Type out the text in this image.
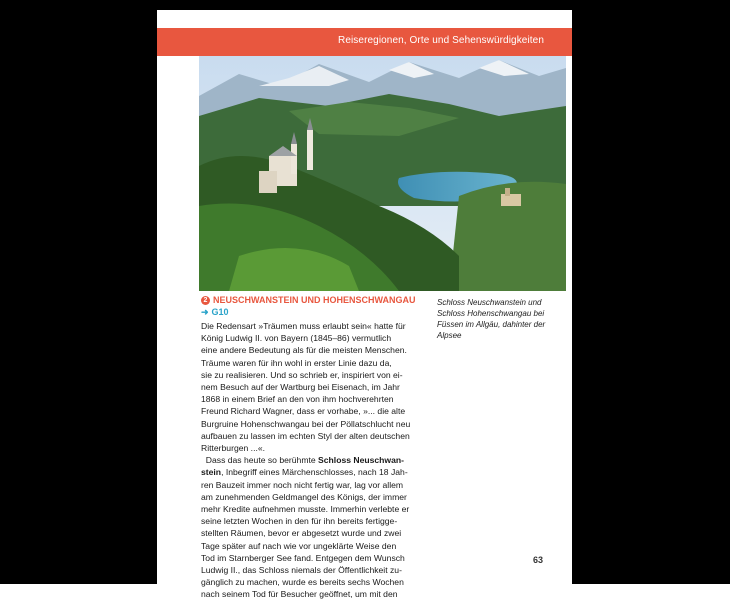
Reiseregionen, Orte und Sehenswürdigkeiten
Schloss Neuschwanstein und Schloss Hohenschwangau bei Füssen im Allgäu, dahinter der Alpsee
2 NEUSCHWANSTEIN UND HOHENSCHWANGAU
➜ G10

Die Redensart »Träumen muss erlaubt sein« hatte für
König Ludwig II. von Bayern (1845–86) vermutlich
eine andere Bedeutung als für die meisten Menschen.
Träume waren für ihn wohl in erster Linie dazu da,
sie zu realisieren. Und so schrieb er, inspiriert von ei-
nem Besuch auf der Wartburg bei Eisenach, im Jahr
1868 in einem Brief an den von ihm hochverehrten
Freund Richard Wagner, dass er vorhabe, »... die alte
Burgruine Hohenschwangau bei der Pöllatschlucht neu
aufbauen zu lassen im echten Styl der alten deutschen
Ritterburgen ...«.

Dass das heute so berühmte Schloss Neuschwan-
stein, Inbegriff eines Märchenschlosses, nach 18 Jah-
ren Bauzeit immer noch nicht fertig war, lag vor allem
am zunehmenden Geldmangel des Königs, der immer
mehr Kredite aufnehmen musste. Immerhin verlebte er
seine letzten Wochen in den für ihn bereits fertigge-
stellten Räumen, bevor er abgesetzt wurde und zwei
Tage später auf nach wie vor ungeklärte Weise den
Tod im Starnberger See fand. Entgegen dem Wunsch
Ludwig II., das Schloss niemals der Öffentlichkeit zu-
gänglich zu machen, wurde es bereits sechs Wochen
nach seinem Tod für Besucher geöffnet, um mit den

63
